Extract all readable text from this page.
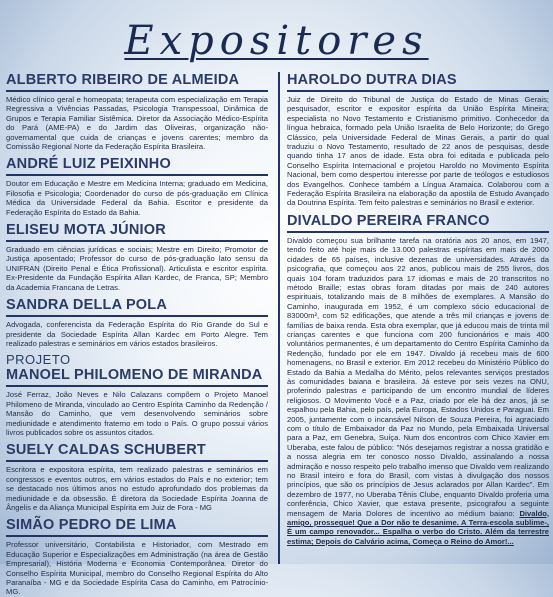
Expositores
ALBERTO RIBEIRO DE ALMEIDA
Médico clínico geral e homeopata; terapeuta com especialização em Terapia Regressiva a Vivências Passadas, Psicologia Transpessoal, Dinâmica de Grupos e Terapia Familiar Sistêmica. Diretor da Associação Médico-Espírita do Pará (AME-PA) e do Jardim das Oliveiras, organização não-governamental que cuida de crianças e jovens carentes; membro da Comissão Regional Norte da Federação Espírita Brasileira.
ANDRÉ LUIZ PEIXINHO
Doutor em Educação e Mestre em Medicina Interna; graduado em Medicina, Filosofia e Psicologia; Coordenador do curso de pós-graduação em Clínica Médica da Universidade Federal da Bahia. Escritor e presidente da Federação Espírita do Estado da Bahia.
ELISEU MOTA JÚNIOR
Graduado em ciências jurídicas e sociais; Mestre em Direito; Promotor de Justiça aposentado; Professor do curso de pós-graduação lato sensu da UNIFRAN (Direito Penal e Ética Profissional). Articulista e escritor espírita. Ex-Presidente da Fundação Espírita Allan Kardec, de Franca, SP; Membro da Academia Francana de Letras.
SANDRA DELLA POLA
Advogada, conferencista da Federação Espírita do Rio Grande do Sul e presidente da Sociedade Espírita Allan Kardec em Porto Alegre. Tem realizado palestras e seminários em vários estados brasileiros.
PROJETO
MANOEL PHILOMENO DE MIRANDA
José Ferraz, João Neves e Nilo Calazans compõem o Projeto Manoel Philomeno de Miranda, vinculado ao Centro Espírita Caminho da Redenção / Mansão do Caminho, que vem desenvolvendo seminários sobre mediunidade e atendimento fraterno em todo o País. O grupo possui vários livros publicados sobre os assuntos citados.
SUELY CALDAS SCHUBERT
Escritora e expositora espírita, tem realizado palestras e seminários em congressos e eventos outros, em vários estados do País e no exterior; tem se destacado nos últimos anos no estudo aprofundado dos problemas da mediunidade e da obsessão. É diretora da Sociedade Espírita Joanna de Ângelis e da Aliança Municipal Espírita em Juiz de Fora - MG
SIMÃO PEDRO DE LIMA
Professor universitário, Contabilista e Historiador, com Mestrado em Educação Superior e Especializações em Administração (na área de Gestão Empresarial), História Moderna e Economia Contemporânea. Diretor do Conselho Espírita Municipal, membro do Conselho Regional Espírita do Alto Paranaíba - MG e da Sociedade Espírita Casa do Caminho, em Patrocínio-MG.
HAROLDO DUTRA DIAS
Juiz de Direito do Tribunal de Justiça do Estado de Minas Gerais; pesquisador, escritor e expositor espírita da União Espírita Mineira; especialista no Novo Testamento e Cristianismo primitivo. Conhecedor da língua hebraica, formado pela União Israelita de Belo Horizonte; do Grego Clássico, pela Universidade Federal de Minas Gerais, a partir do qual traduziu o Novo Testamento, resultado de 22 anos de pesquisas, desde quando tinha 17 anos de idade. Esta obra foi editada e publicada pelo Conselho Espírita Internacional e projetou Haroldo no Movimento Espírita Nacional, bem como despertou interesse por parte de teólogos e estudiosos dos Evangelhos. Conhece também a Língua Aramaica. Colaborou com a Federação Espírita Brasileira na elaboração da apostila de Estudo Avançado da Doutrina Espírita. Tem feito palestras e seminários no Brasil e exterior.
DIVALDO PEREIRA FRANCO
Divaldo começou sua brilhante tarefa na oratória aos 20 anos, em 1947, tendo feito até hoje mais de 13.000 palestras espíritas em mais de 2000 cidades de 65 países, inclusive dezenas de universidades. Através da psicografia, que começou aos 22 anos, publicou mais de 255 livros, dos quais 104 foram traduzidos para 17 idiomas e mais de 20 transcritos no método Braille; estas obras foram ditadas por mais de 240 autores espirituais, totalizando mais de 8 milhões de exemplares. A Mansão do Caminho, inaugurada em 1952, é um complexo sócio educacional de 83000m², com 52 edificações, que atende a três mil crianças e jovens de famílias de baixa renda. Esta obra exemplar, que já educou mais de trinta mil crianças carentes e que funciona com 200 funcionários e mais 400 voluntários permanentes, é um departamento do Centro Espírita Caminho da Redenção, fundado por ele em 1947. Divaldo já recebeu mais de 600 homenagens, no Brasil e exterior. Em 2012 recebeu do Ministério Público do Estado da Bahia a Medalha do Mérito, pelos relevantes serviços prestados às comunidades baiana e brasileira. Já esteve por seis vezes na ONU, proferindo palestras e participando de um encontro mundial de líderes religiosos. O Movimento Você e a Paz, criado por ele há dez anos, já se espalhou pela Bahia, pelo país, pela Europa, Estados Unidos e Paraguai. Em 2005, juntamente com o incansável Nilson de Souza Pereira, foi agraciado com o título de Embaixador da Paz no Mundo, pela Embaixada Universal para a Paz, em Genebra, Suíça. Num dos encontros com Chico Xavier em Uberaba, este falou de público: "Nós desejamos registrar a nossa gratidão e a nossa alegria em ter conosco nosso Divaldo, assinalando a nossa admiração e nosso respeito pelo trabalho imenso que Divaldo vem realizando no Brasil inteiro e fora do Brasil, com vistas à divulgação dos nossos princípios, que são os princípios de Jesus aclarados por Allan Kardec". Em dezembro de 1977, no Uberaba Tênis Clube, enquanto Divaldo proferia uma conferência, Chico Xavier, que estava presente, psicografou a seguinte mensagem de Maria Dolores de incentivo ao médium baiano: Divaldo, amigo, prossegue! Que a Dor não te desanime. A Terra-escola sublime-, É um campo renovador... Espalha o verbo do Cristo. Além da terrestre estima; Depois do Calvário acima, Começa o Reino do Amor!...
